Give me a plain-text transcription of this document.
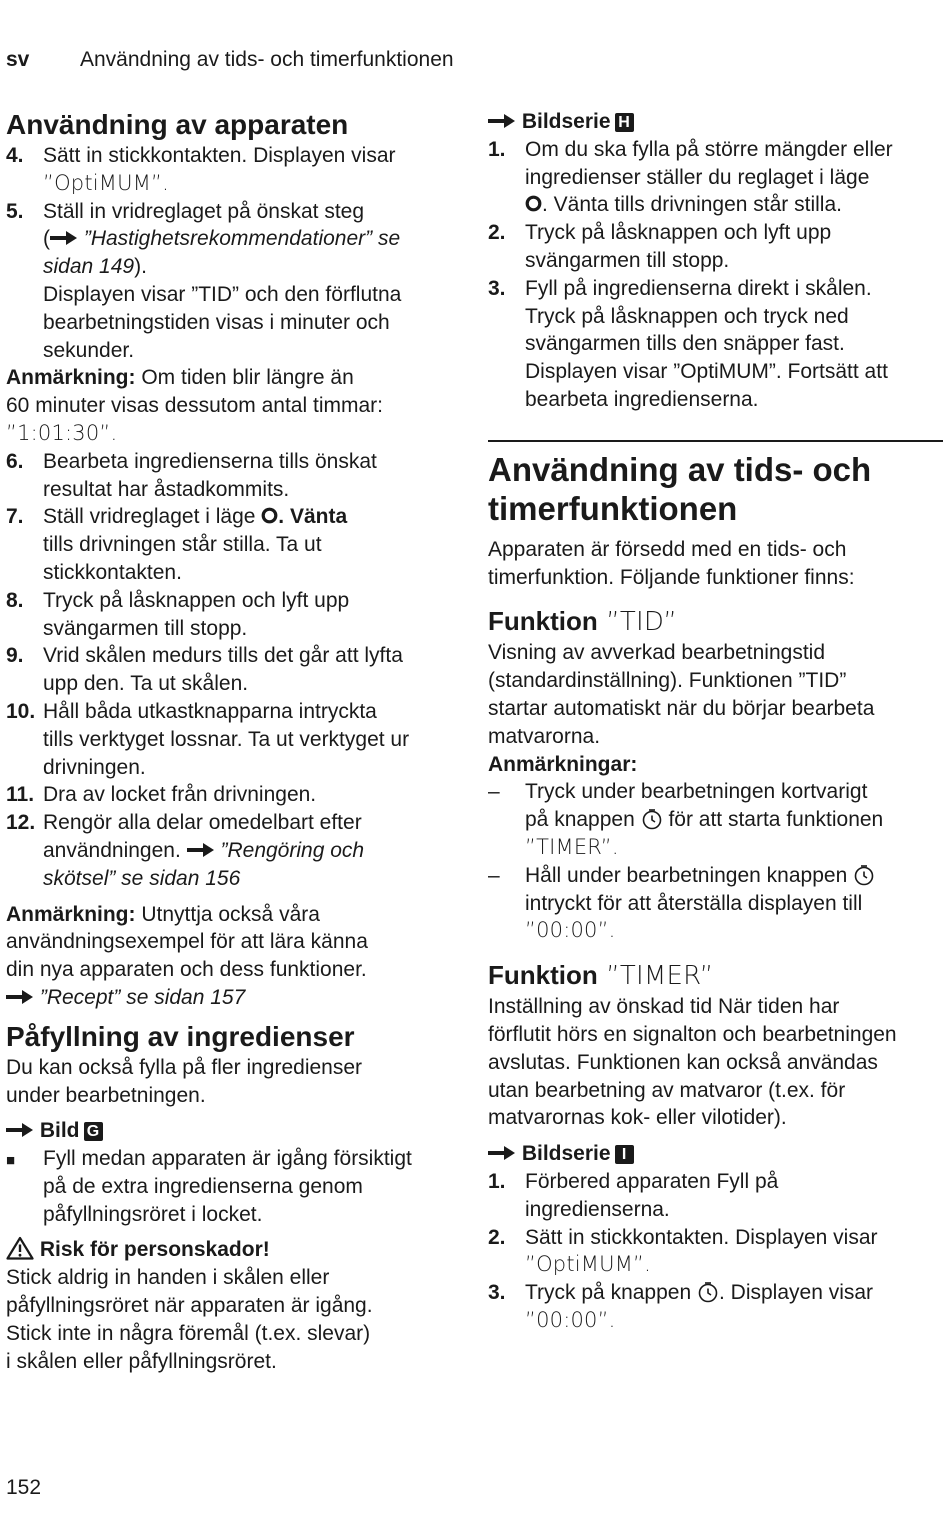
sv Användning av tids- och timerfunktionen
Användning av apparaten
4. Sätt in stickkontakten. Displayen visar
”OptiMUM”.
5. Ställ in vridreglaget på önskat steg
( ”Hastighetsrekommendationer” se
sidan 149).
Displayen visar ”TID” och den förflutna
bearbetningstiden visas i minuter och
sekunder.
Anmärkning: Om tiden blir längre än
60 minuter visas dessutom antal timmar:
”1:01:30”.
6. Bearbeta ingredienserna tills önskat
resultat har åstadkommits.
7. Ställ vridreglaget i läge . Vänta
tills drivningen står stilla. Ta ut
stickkontakten.
8. Tryck på låsknappen och lyft upp
svängarmen till stopp.
9. Vrid skålen medurs tills det går att lyfta
upp den. Ta ut skålen.
10. Håll båda utkastknapparna intryckta
tills verktyget lossnar. Ta ut verktyget ur
drivningen.
11. Dra av locket från drivningen.
12. Rengör alla delar omedelbart efter
användningen.  ”Rengöring och
skötsel” se sidan 156
Anmärkning: Utnyttja också våra
användningsexempel för att lära känna
din nya apparaten och dess funktioner.
”Recept” se sidan 157
Påfyllning av ingredienser
Du kan också fylla på fler ingredienser
under bearbetningen.
Bild G
■	Fyll medan apparaten är igång försiktigt
på de extra ingredienserna genom
påfyllningsröret i locket.
Risk för personskador!
Stick aldrig in handen i skålen eller
påfyllningsröret när apparaten är igång.
Stick inte in några föremål (t.ex. slevar)
i skålen eller påfyllningsröret.
Bildserie H
1. Om du ska fylla på större mängder eller
ingredienser ställer du reglaget i läge
. Vänta tills drivningen står stilla.
2. Tryck på låsknappen och lyft upp
svängarmen till stopp.
3. Fyll på ingredienserna direkt i skålen.
Tryck på låsknappen och tryck ned
svängarmen tills den snäpper fast.
Displayen visar ”OptiMUM”. Fortsätt att
bearbeta ingredienserna.
Användning av tids- och
timerfunktionen
Apparaten är försedd med en tids- och
timerfunktion. Följande funktioner finns:
Funktion ”TID”
Visning av avverkad bearbetningstid
(standardinställning). Funktionen ”TID”
startar automatiskt när du börjar bearbeta
matvarorna.
Anmärkningar:
–	Tryck under bearbetningen kortvarigt
på knappen  för att starta funktionen
”TIMER”.
–	Håll under bearbetningen knappen
intryckt för att återställa displayen till
”00:00”.
Funktion ”TIMER”
Inställning av önskad tid När tiden har
förflutit hörs en signalton och bearbetningen
avslutas. Funktionen kan också användas
utan bearbetning av matvaror (t.ex. för
matvarornas kok- eller vilotider).
Bildserie I
1. Förbered apparaten Fyll på
ingredienserna.
2. Sätt in stickkontakten. Displayen visar
”OptiMUM”.
3. Tryck på knappen . Displayen visar
”00:00”.
152
